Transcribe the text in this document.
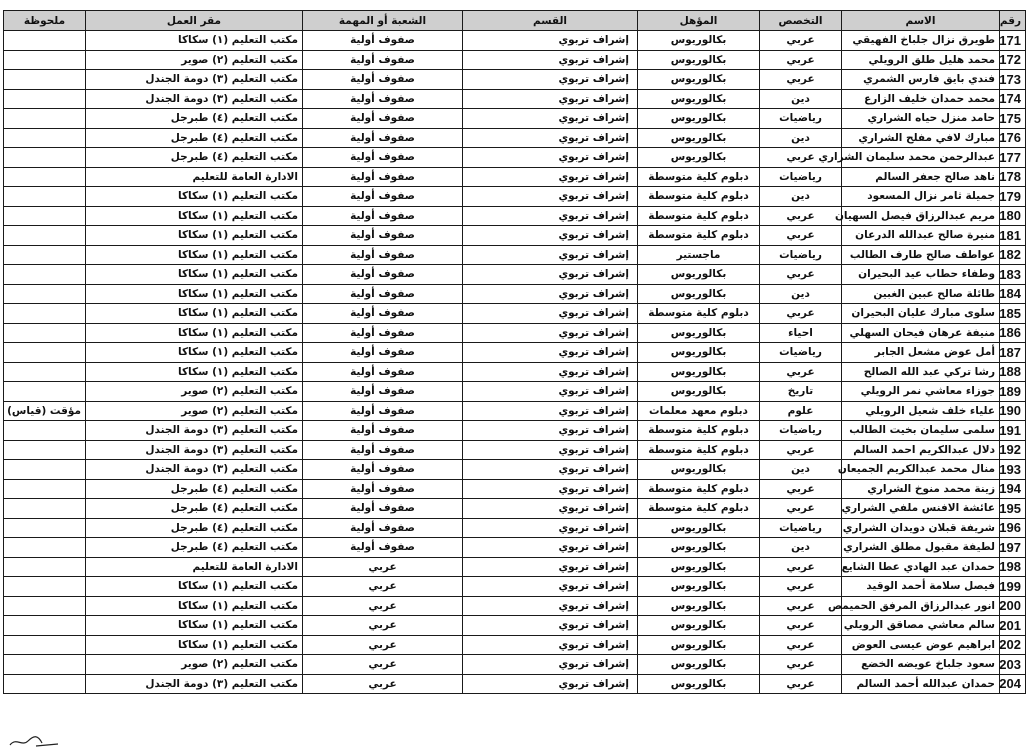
رقم	الاسم	التخصص	المؤهل	القسم	الشعبة أو المهمة	مقر العمل	ملحوظة
171	طويرق نزال جلباخ الفهيقي	عربي	بكالوريوس	إشراف تربوي	صفوف أولية	مكتب التعليم (١) سكاكا	
172	محمد هليل طلق الرويلي	عربي	بكالوريوس	إشراف تربوي	صفوف أولية	مكتب التعليم (٢) صوير	
173	فندي بايق فارس الشمري	عربي	بكالوريوس	إشراف تربوي	صفوف أولية	مكتب التعليم (٣) دومة الجندل	
174	محمد حمدان خليف الزارع	دين	بكالوريوس	إشراف تربوي	صفوف أولية	مكتب التعليم (٣) دومة الجندل	
175	حامد منزل حياه الشراري	رياضيات	بكالوريوس	إشراف تربوي	صفوف أولية	مكتب التعليم (٤) طبرجل	
176	مبارك لافي مفلح الشراري	دين	بكالوريوس	إشراف تربوي	صفوف أولية	مكتب التعليم (٤) طبرجل	
177	عبدالرحمن محمد سليمان الشراري	عربي	بكالوريوس	إشراف تربوي	صفوف أولية	مكتب التعليم (٤) طبرجل	
178	ناهد صالح جعفر السالم	رياضيات	دبلوم كلية متوسطة	إشراف تربوي	صفوف أولية	الادارة العامة للتعليم	
179	جميلة ثامر نزال المسعود	دين	دبلوم كلية متوسطة	إشراف تربوي	صفوف أولية	مكتب التعليم (١) سكاكا	
180	مريم عبدالرزاق فيصل السهيان	عربي	دبلوم كلية متوسطة	إشراف تربوي	صفوف أولية	مكتب التعليم (١) سكاكا	
181	منيرة صالح عبدالله الدرعان	عربي	دبلوم كلية متوسطة	إشراف تربوي	صفوف أولية	مكتب التعليم (١) سكاكا	
182	عواطف صالح طارف الطالب	رياضيات	ماجستير	إشراف تربوي	صفوف أولية	مكتب التعليم (١) سكاكا	
183	وطفاء حطاب عيد البحيران	عربي	بكالوريوس	إشراف تربوي	صفوف أولية	مكتب التعليم (١) سكاكا	
184	طائلة صالح عبين الغبين	دين	بكالوريوس	إشراف تربوي	صفوف أولية	مكتب التعليم (١) سكاكا	
185	سلوى مبارك عليان البحيران	عربي	دبلوم كلية متوسطة	إشراف تربوي	صفوف أولية	مكتب التعليم (١) سكاكا	
186	منيفة عرهان فيحان السهلي	احياء	بكالوريوس	إشراف تربوي	صفوف أولية	مكتب التعليم (١) سكاكا	
187	أمل عوض مشعل الجابر	رياضيات	بكالوريوس	إشراف تربوي	صفوف أولية	مكتب التعليم (١) سكاكا	
188	رشا تركي عبد الله الصالح	عربي	بكالوريوس	إشراف تربوي	صفوف أولية	مكتب التعليم (١) سكاكا	
189	جوزاء معاشي نمر الرويلي	تاريخ	بكالوريوس	إشراف تربوي	صفوف أولية	مكتب التعليم (٢) صوير	
190	علياء خلف شعيل الرويلي	علوم	دبلوم معهد معلمات	إشراف تربوي	صفوف أولية	مكتب التعليم (٢) صوير	مؤقت (قياس)
191	سلمى سليمان بخيت الطالب	رياضيات	دبلوم كلية متوسطة	إشراف تربوي	صفوف أولية	مكتب التعليم (٣) دومة الجندل	
192	دلال عبدالكريم احمد السالم	عربي	دبلوم كلية متوسطة	إشراف تربوي	صفوف أولية	مكتب التعليم (٣) دومة الجندل	
193	منال محمد عبدالكريم الجميعان	دين	بكالوريوس	إشراف تربوي	صفوف أولية	مكتب التعليم (٣) دومة الجندل	
194	زينة محمد منوخ الشراري	عربي	دبلوم كلية متوسطة	إشراف تربوي	صفوف أولية	مكتب التعليم (٤) طبرجل	
195	عائشة الافنس ملفي الشراري	عربي	دبلوم كلية متوسطة	إشراف تربوي	صفوف أولية	مكتب التعليم (٤) طبرجل	
196	شريفة قبلان دويدان الشراري	رياضيات	بكالوريوس	إشراف تربوي	صفوف أولية	مكتب التعليم (٤) طبرجل	
197	لطيفة مقبول مطلق الشراري	دين	بكالوريوس	إشراف تربوي	صفوف أولية	مكتب التعليم (٤) طبرجل	
198	حمدان عبد الهادي عطا الشايع	عربي	بكالوريوس	إشراف تربوي	عربي	الادارة العامة للتعليم	
199	فيصل سلامة أحمد الوقيد	عربي	بكالوريوس	إشراف تربوي	عربي	مكتب التعليم (١) سكاكا	
200	انور عبدالرزاق المرفق الحميمص	عربي	بكالوريوس	إشراف تربوي	عربي	مكتب التعليم (١) سكاكا	
201	سالم معاشي مصاقق الرويلي	عربي	بكالوريوس	إشراف تربوي	عربي	مكتب التعليم (١) سكاكا	
202	ابراهيم عوض عيسى العوض	عربي	بكالوريوس	إشراف تربوي	عربي	مكتب التعليم (١) سكاكا	
203	سعود جلباخ عويضه الخضع	عربي	بكالوريوس	إشراف تربوي	عربي	مكتب التعليم (٢) صوير	
204	حمدان عبدالله أحمد السالم	عربي	بكالوريوس	إشراف تربوي	عربي	مكتب التعليم (٣) دومة الجندل	
